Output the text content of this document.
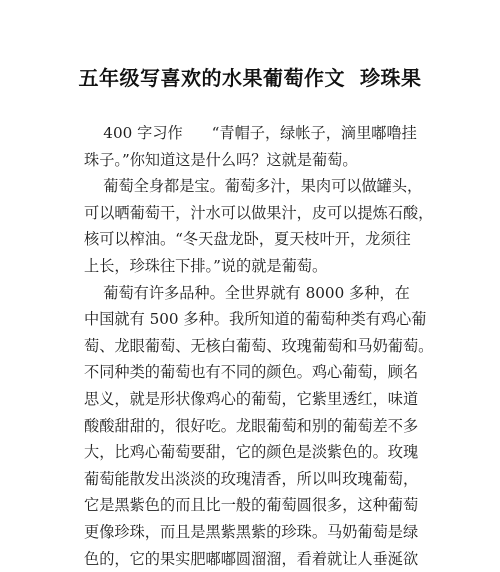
五年级写喜欢的水果葡萄作文  珍珠果
400 字习作      “青帽子，绿帐子，滴里嘟噜挂
珠子。”你知道这是什么吗？这就是葡萄。
葡萄全身都是宝。葡萄多汁，果肉可以做罐头，
可以晒葡萄干，汁水可以做果汁，皮可以提炼石酸，
核可以榨油。“冬天盘龙卧，夏天枝叶开，龙须往
上长，珍珠往下排。”说的就是葡萄。
葡萄有许多品种。全世界就有 8000 多种，在
中国就有 500 多种。我所知道的葡萄种类有鸡心葡
萄、龙眼葡萄、无核白葡萄、玫瑰葡萄和马奶葡萄。
不同种类的葡萄也有不同的颜色。鸡心葡萄，顾名
思义，就是形状像鸡心的葡萄，它紫里透红，味道
酸酸甜甜的，很好吃。龙眼葡萄和别的葡萄差不多
大，比鸡心葡萄要甜，它的颜色是淡紫色的。玫瑰
葡萄能散发出淡淡的玫瑰清香，所以叫玫瑰葡萄，
它是黑紫色的而且比一般的葡萄圆很多，这种葡萄
更像珍珠，而且是黑紫黑紫的珍珠。马奶葡萄是绿
色的，它的果实肥嘟嘟圆溜溜，看着就让人垂涎欲
